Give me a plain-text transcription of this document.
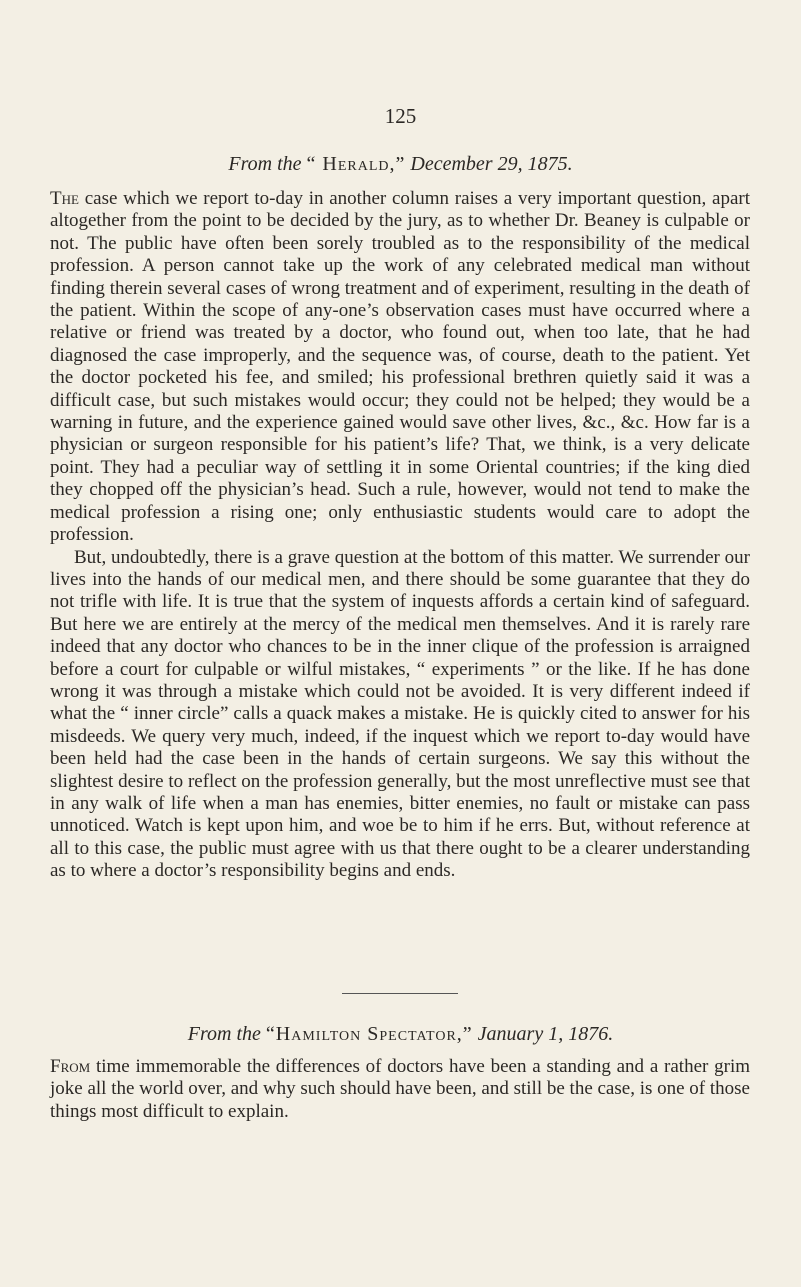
125
From the “ Herald,” December 29, 1875.

The case which we report to-day in another column raises a very important question, apart altogether from the point to be decided by the jury, as to whether Dr. Beaney is culpable or not. The public have often been sorely troubled as to the responsibility of the medical profession. A person cannot take up the work of any celebrated medical man without finding therein several cases of wrong treatment and of experiment, resulting in the death of the patient. Within the scope of any-one’s observation cases must have occurred where a relative or friend was treated by a doctor, who found out, when too late, that he had diagnosed the case improperly, and the sequence was, of course, death to the patient. Yet the doctor pocketed his fee, and smiled; his professional brethren quietly said it was a difficult case, but such mistakes would occur; they could not be helped; they would be a warning in future, and the experience gained would save other lives, &c., &c. How far is a physician or surgeon responsible for his patient’s life? That, we think, is a very delicate point. They had a peculiar way of settling it in some Oriental countries; if the king died they chopped off the physician’s head. Such a rule, however, would not tend to make the medical profession a rising one; only enthusiastic students would care to adopt the profession.

But, undoubtedly, there is a grave question at the bottom of this matter. We surrender our lives into the hands of our medical men, and there should be some guarantee that they do not trifle with life. It is true that the system of inquests affords a certain kind of safeguard. But here we are entirely at the mercy of the medical men themselves. And it is rarely rare indeed that any doctor who chances to be in the inner clique of the profession is arraigned before a court for culpable or wilful mistakes, “ experiments ” or the like. If he has done wrong it was through a mistake which could not be avoided. It is very different indeed if what the “ inner circle” calls a quack makes a mistake. He is quickly cited to answer for his misdeeds. We query very much, indeed, if the inquest which we report to-day would have been held had the case been in the hands of certain surgeons. We say this without the slightest desire to reflect on the profession generally, but the most unreflective must see that in any walk of life when a man has enemies, bitter enemies, no fault or mistake can pass unnoticed. Watch is kept upon him, and woe be to him if he errs. But, without reference at all to this case, the public must agree with us that there ought to be a clearer understanding as to where a doctor’s responsibility begins and ends.

From the “Hamilton Spectator,” January 1, 1876.

From time immemorable the differences of doctors have been a standing and a rather grim joke all the world over, and why such should have been, and still be the case, is one of those things most difficult to explain.
